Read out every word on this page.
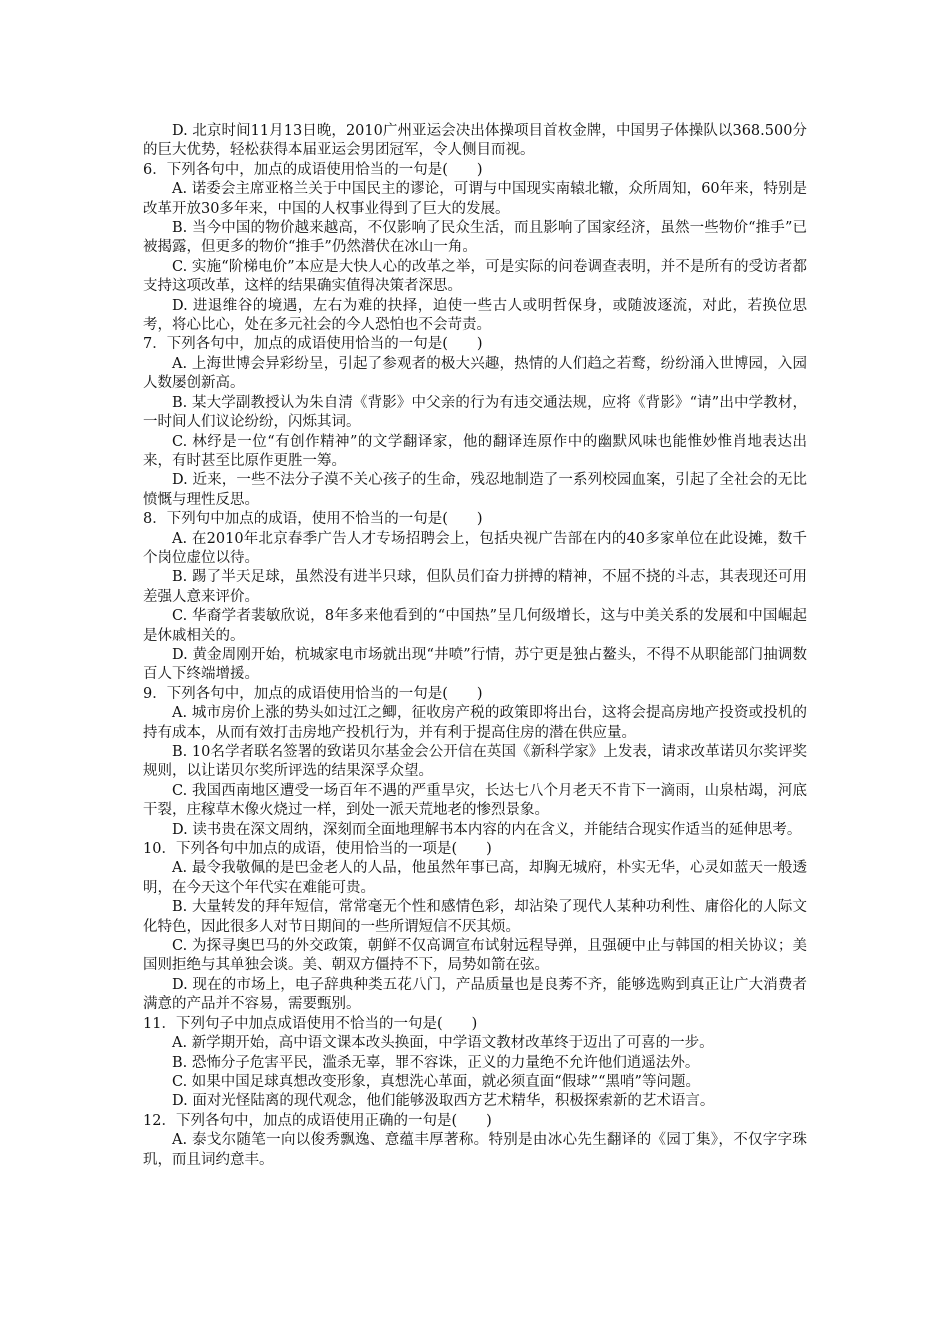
D. 北京时间11月13日晚，2010广州亚运会决出体操项目首枚金牌，中国男子体操队以368.500分的巨大优势，轻松获得本届亚运会男团冠军，令人侧目而视。

6．下列各句中，加点的成语使用恰当的一句是(　　)

A. 诺委会主席亚格兰关于中国民主的谬论，可谓与中国现实南辕北辙，众所周知，60年来，特别是改革开放30多年来，中国的人权事业得到了巨大的发展。

B. 当今中国的物价越来越高，不仅影响了民众生活，而且影响了国家经济，虽然一些物价“推手”已被揭露，但更多的物价“推手”仍然潜伏在冰山一角。

C. 实施“阶梯电价”本应是大快人心的改革之举，可是实际的问卷调查表明，并不是所有的受访者都支持这项改革，这样的结果确实值得决策者深思。

D. 进退维谷的境遇，左右为难的抉择，迫使一些古人或明哲保身，或随波逐流，对此，若换位思考，将心比心，处在多元社会的今人恐怕也不会苛责。

7．下列各句中，加点的成语使用恰当的一句是(　　)

A. 上海世博会异彩纷呈，引起了参观者的极大兴趣，热情的人们趋之若鹜，纷纷涌入世博园，入园人数屡创新高。

B. 某大学副教授认为朱自清《背影》中父亲的行为有违交通法规，应将《背影》“请”出中学教材，一时间人们议论纷纷，闪烁其词。

C. 林纾是一位“有创作精神”的文学翻译家，他的翻译连原作中的幽默风味也能惟妙惟肖地表达出来，有时甚至比原作更胜一筹。

D. 近来，一些不法分子漠不关心孩子的生命，残忍地制造了一系列校园血案，引起了全社会的无比愤慨与理性反思。

8．下列句中加点的成语，使用不恰当的一句是(　　)

A. 在2010年北京春季广告人才专场招聘会上，包括央视广告部在内的40多家单位在此设摊，数千个岗位虚位以待。

B. 踢了半天足球，虽然没有进半只球，但队员们奋力拼搏的精神，不屈不挠的斗志，其表现还可用差强人意来评价。

C. 华裔学者裴敏欣说，8年多来他看到的“中国热”呈几何级增长，这与中美关系的发展和中国崛起是休戚相关的。

D. 黄金周刚开始，杭城家电市场就出现“井喷”行情，苏宁更是独占鳌头，不得不从职能部门抽调数百人下终端增援。

9．下列各句中，加点的成语使用恰当的一句是(　　)

A. 城市房价上涨的势头如过江之鲫，征收房产税的政策即将出台，这将会提高房地产投资或投机的持有成本，从而有效打击房地产投机行为，并有利于提高住房的潜在供应量。

B. 10名学者联名签署的致诺贝尔基金会公开信在英国《新科学家》上发表，请求改革诺贝尔奖评奖规则，以让诺贝尔奖所评选的结果深孚众望。

C. 我国西南地区遭受一场百年不遇的严重旱灾，长达七八个月老天不肯下一滴雨，山泉枯竭，河底干裂，庄稼草木像火烧过一样，到处一派天荒地老的惨烈景象。

D. 读书贵在深文周纳，深刻而全面地理解书本内容的内在含义，并能结合现实作适当的延伸思考。

10．下列各句中加点的成语，使用恰当的一项是(　　)

A. 最令我敬佩的是巴金老人的人品，他虽然年事已高，却胸无城府，朴实无华，心灵如蓝天一般透明，在今天这个年代实在难能可贵。

B. 大量转发的拜年短信，常常毫无个性和感情色彩，却沾染了现代人某种功利性、庸俗化的人际文化特色，因此很多人对节日期间的一些所谓短信不厌其烦。

C. 为探寻奥巴马的外交政策，朝鲜不仅高调宣布试射远程导弹，且强硬中止与韩国的相关协议；美国则拒绝与其单独会谈。美、朝双方僵持不下，局势如箭在弦。

D. 现在的市场上，电子辞典种类五花八门，产品质量也是良莠不齐，能够选购到真正让广大消费者满意的产品并不容易，需要甄别。

11．下列句子中加点成语使用不恰当的一句是(　　)

A. 新学期开始，高中语文课本改头换面，中学语文教材改革终于迈出了可喜的一步。

B. 恐怖分子危害平民，滥杀无辜，罪不容诛，正义的力量绝不允许他们逍遥法外。

C. 如果中国足球真想改变形象，真想洗心革面，就必须直面“假球”“黑哨”等问题。

D. 面对光怪陆离的现代观念，他们能够汲取西方艺术精华，积极探索新的艺术语言。

12．下列各句中，加点的成语使用正确的一句是(　　)

A. 泰戈尔随笔一向以俊秀飘逸、意蕴丰厚著称。特别是由冰心先生翻译的《园丁集》，不仅字字珠玑，而且词约意丰。
